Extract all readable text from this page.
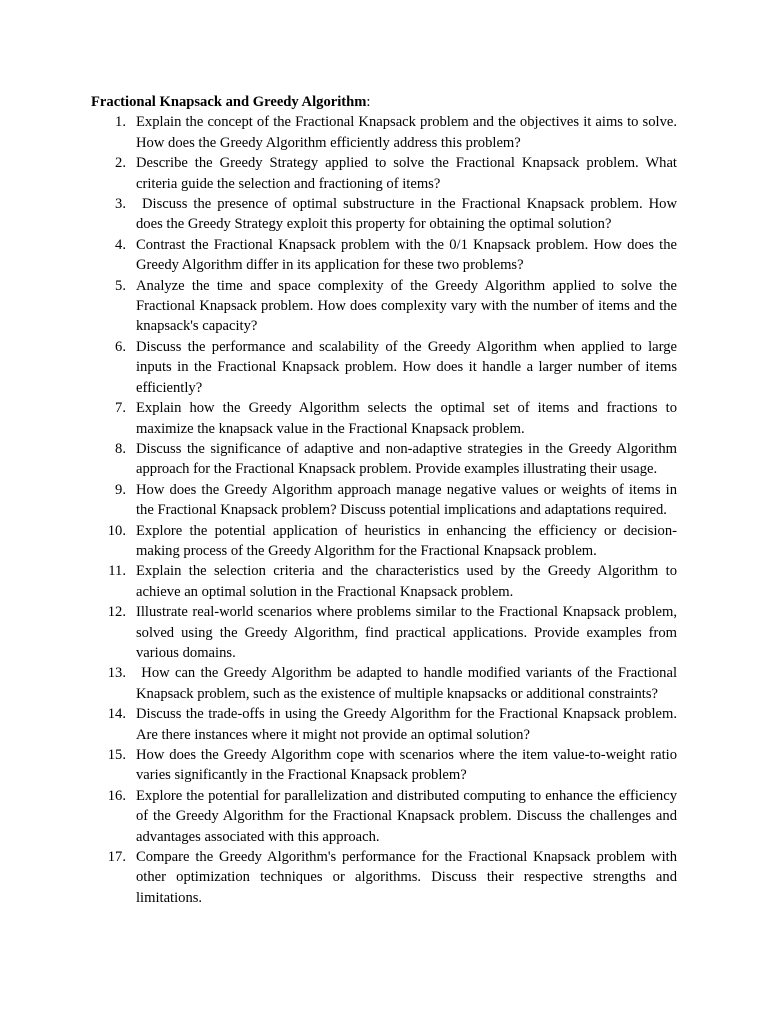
Fractional Knapsack and Greedy Algorithm:

1. Explain the concept of the Fractional Knapsack problem and the objectives it aims to solve. How does the Greedy Algorithm efficiently address this problem?
2. Describe the Greedy Strategy applied to solve the Fractional Knapsack problem. What criteria guide the selection and fractioning of items?
3. Discuss the presence of optimal substructure in the Fractional Knapsack problem. How does the Greedy Strategy exploit this property for obtaining the optimal solution?
4. Contrast the Fractional Knapsack problem with the 0/1 Knapsack problem. How does the Greedy Algorithm differ in its application for these two problems?
5. Analyze the time and space complexity of the Greedy Algorithm applied to solve the Fractional Knapsack problem. How does complexity vary with the number of items and the knapsack's capacity?
6. Discuss the performance and scalability of the Greedy Algorithm when applied to large inputs in the Fractional Knapsack problem. How does it handle a larger number of items efficiently?
7. Explain how the Greedy Algorithm selects the optimal set of items and fractions to maximize the knapsack value in the Fractional Knapsack problem.
8. Discuss the significance of adaptive and non-adaptive strategies in the Greedy Algorithm approach for the Fractional Knapsack problem. Provide examples illustrating their usage.
9. How does the Greedy Algorithm approach manage negative values or weights of items in the Fractional Knapsack problem? Discuss potential implications and adaptations required.
10. Explore the potential application of heuristics in enhancing the efficiency or decision-making process of the Greedy Algorithm for the Fractional Knapsack problem.
11. Explain the selection criteria and the characteristics used by the Greedy Algorithm to achieve an optimal solution in the Fractional Knapsack problem.
12. Illustrate real-world scenarios where problems similar to the Fractional Knapsack problem, solved using the Greedy Algorithm, find practical applications. Provide examples from various domains.
13. How can the Greedy Algorithm be adapted to handle modified variants of the Fractional Knapsack problem, such as the existence of multiple knapsacks or additional constraints?
14. Discuss the trade-offs in using the Greedy Algorithm for the Fractional Knapsack problem. Are there instances where it might not provide an optimal solution?
15. How does the Greedy Algorithm cope with scenarios where the item value-to-weight ratio varies significantly in the Fractional Knapsack problem?
16. Explore the potential for parallelization and distributed computing to enhance the efficiency of the Greedy Algorithm for the Fractional Knapsack problem. Discuss the challenges and advantages associated with this approach.
17. Compare the Greedy Algorithm's performance for the Fractional Knapsack problem with other optimization techniques or algorithms. Discuss their respective strengths and limitations.
